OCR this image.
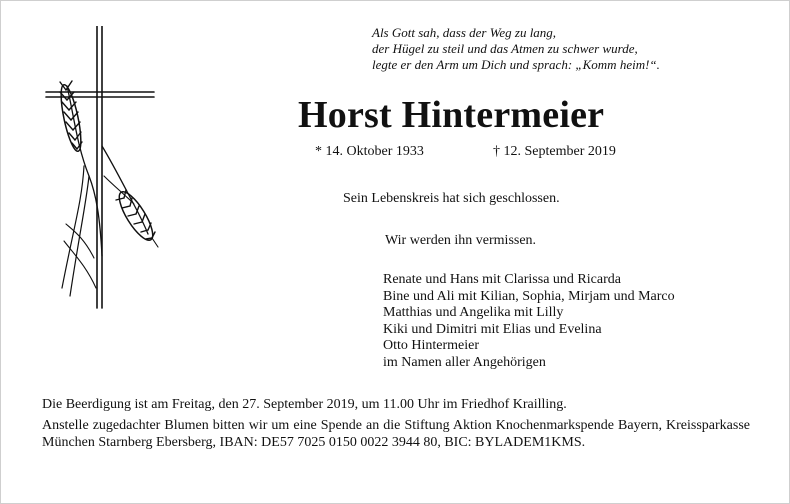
Als Gott sah, dass der Weg zu lang,
der Hügel zu steil und das Atmen zu schwer wurde,
legte er den Arm um Dich und sprach: „Komm heim!“.
Horst Hintermeier
* 14. Oktober 1933	† 12. September 2019
Sein Lebenskreis hat sich geschlossen.
Wir werden ihn vermissen.
Renate und Hans mit Clarissa und Ricarda
Bine und Ali mit Kilian, Sophia, Mirjam und Marco
Matthias und Angelika mit Lilly
Kiki und Dimitri mit Elias und Evelina
Otto Hintermeier
im Namen aller Angehörigen
Die Beerdigung ist am Freitag, den 27. September 2019, um 11.00 Uhr im Friedhof Krailling.
Anstelle zugedachter Blumen bitten wir um eine Spende an die Stiftung Aktion Knochenmarkspende Bayern, Kreissparkasse München Starnberg Ebersberg, IBAN: DE57 7025 0150 0022 3944 80, BIC: BYLADEM1KMS.
